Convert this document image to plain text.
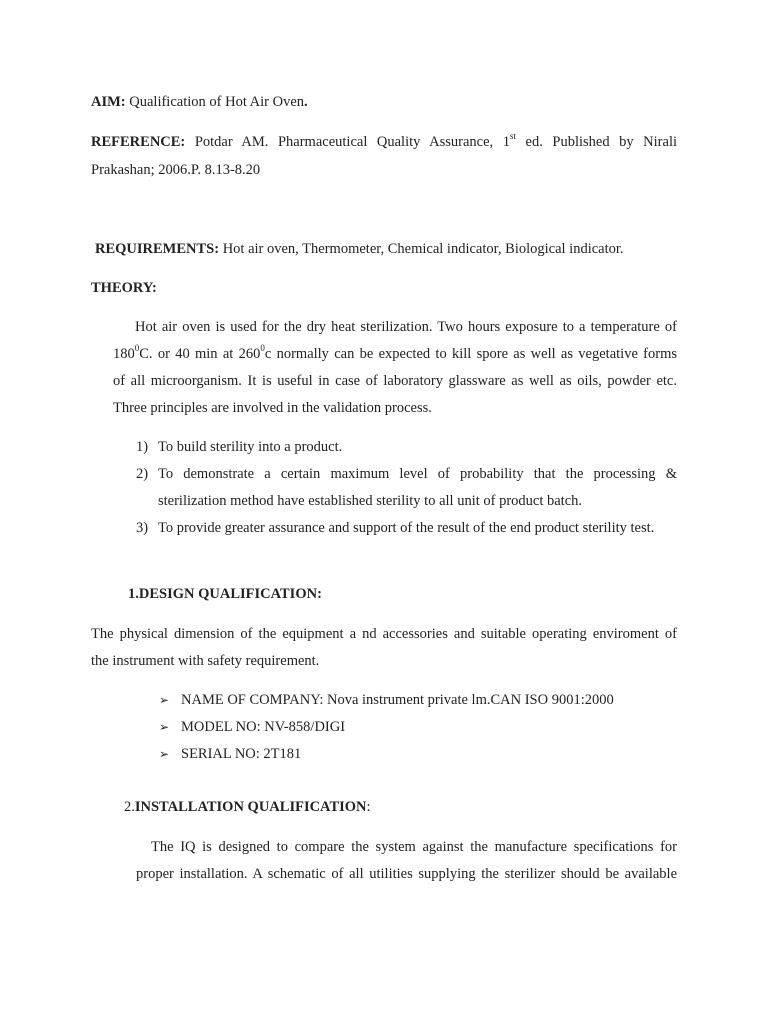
AIM: Qualification of Hot Air Oven.
REFERENCE: Potdar AM. Pharmaceutical Quality Assurance, 1st ed. Published by Nirali
Prakashan; 2006.P. 8.13-8.20
REQUIREMENTS: Hot air oven, Thermometer, Chemical indicator, Biological indicator.
THEORY:
Hot air oven is used for the dry heat sterilization. Two hours exposure to a temperature of
$180^0C$. or 40 min at $260^0c$ normally can be expected to kill spore as well as vegetative forms
of all microorganism. It is useful in case of laboratory glassware as well as oils, powder etc.
Three principles are involved in the validation process.
1) To build sterility into a product.
2) To demonstrate a certain maximum level of probability that the processing &
sterilization method have established sterility to all unit of product batch.
3) To provide greater assurance and support of the result of the end product sterility test.
1.DESIGN QUALIFICATION:
The physical dimension of the equipment a nd accessories and suitable operating enviroment of
the instrument with safety requirement.
➢ NAME OF COMPANY: Nova instrument private lm.CAN ISO 9001:2000
➢ MODEL NO: NV-858/DIGI
➢ SERIAL NO: 2T181
2.INSTALLATION QUALIFICATION:
The IQ is designed to compare the system against the manufacture specifications for
proper installation. A schematic of all utilities supplying the sterilizer should be available
